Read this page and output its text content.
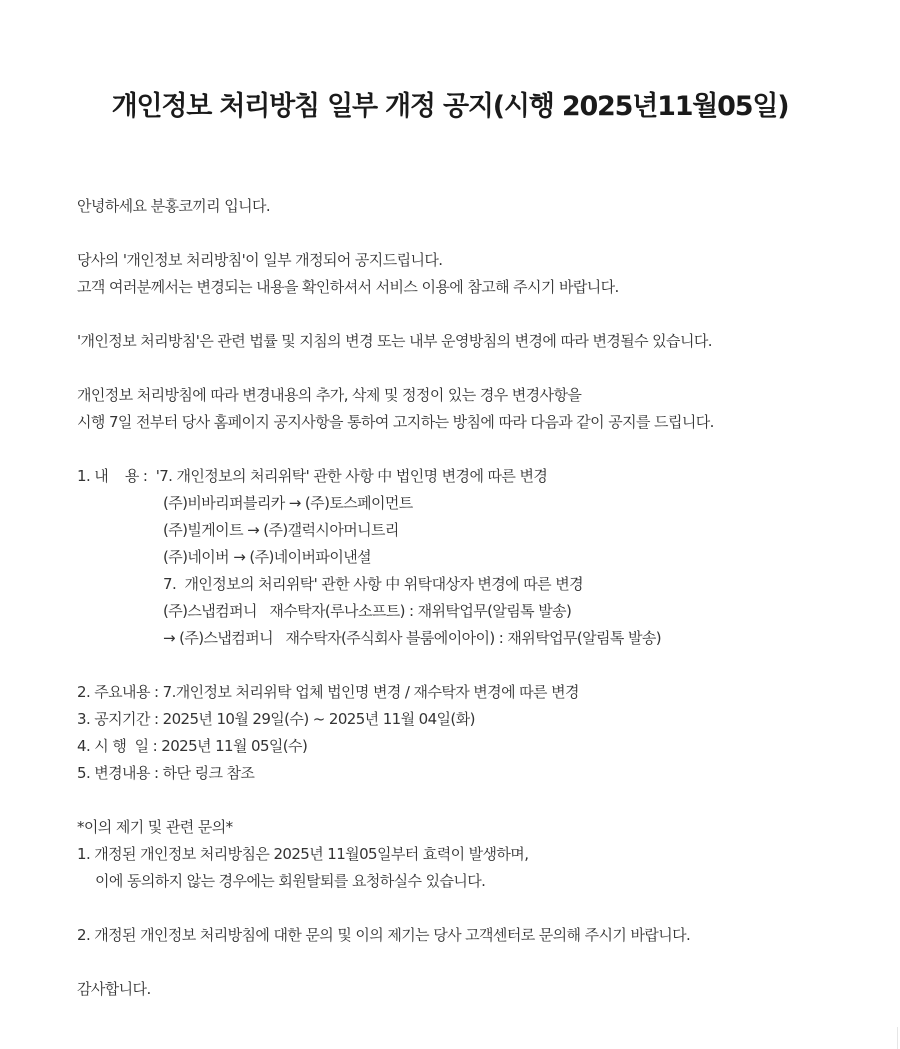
개인정보 처리방침 일부 개정 공지(시행 2025년11월05일)
안녕하세요 분홍코끼리 입니다.
당사의 '개인정보 처리방침'이 일부 개정되어 공지드립니다.
고객 여러분께서는 변경되는 내용을 확인하셔서 서비스 이용에 참고해 주시기 바랍니다.
'개인정보 처리방침'은 관련 법률 및 지침의 변경 또는 내부 운영방침의 변경에 따라 변경될수 있습니다.
개인정보 처리방침에 따라 변경내용의 추가, 삭제 및 정정이 있는 경우 변경사항을
시행 7일 전부터 당사 홈페이지 공지사항을 통하여 고지하는 방침에 따라 다음과 같이 공지를 드립니다.
1. 내    용 :  '7. 개인정보의 처리위탁' 관한 사항 中 법인명 변경에 따른 변경
(주)비바리퍼블리카 → (주)토스페이먼트
(주)빌게이트 → (주)갤럭시아머니트리
(주)네이버 → (주)네이버파이낸셜
7.  개인정보의 처리위탁' 관한 사항 中 위탁대상자 변경에 따른 변경
(주)스냅컴퍼니   재수탁자(루나소프트) : 재위탁업무(알림톡 발송)
→ (주)스냅컴퍼니   재수탁자(주식회사 블룸에이아이) : 재위탁업무(알림톡 발송)
2. 주요내용 : 7.개인정보 처리위탁 업체 법인명 변경 / 재수탁자 변경에 따른 변경
3. 공지기간 : 2025년 10월 29일(수) ~ 2025년 11월 04일(화)
4. 시 행  일 : 2025년 11월 05일(수)
5. 변경내용 : 하단 링크 참조
*이의 제기 및 관련 문의*
1. 개정된 개인정보 처리방침은 2025년 11월05일부터 효력이 발생하며,
이에 동의하지 않는 경우에는 회원탈퇴를 요청하실수 있습니다.
2. 개정된 개인정보 처리방침에 대한 문의 및 이의 제기는 당사 고객센터로 문의해 주시기 바랍니다.
감사합니다.
